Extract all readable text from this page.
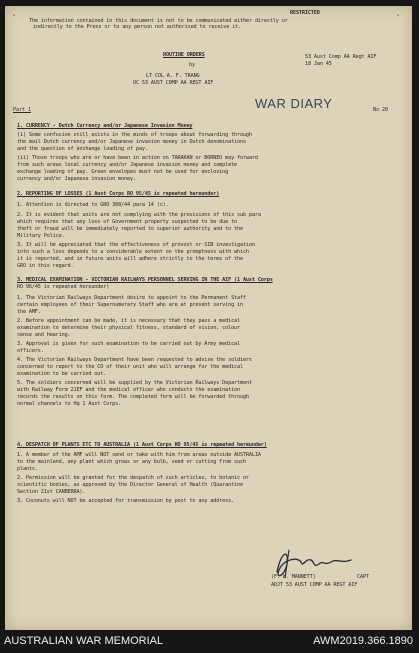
RESTRICTED
The information contained in this document is not to be communicated either directly or
indirectly to the Press or to any person not authorised to receive it.
ROUTINE ORDERS
by
LT COL A. F. TRANG
OC 53 AUST COMP AA REGT AIF
53 Aust Comp AA Regt AIF
18 Jan 45
WAR DIARY
Part 1	No 20
1. CURRENCY - Dutch Currency and/or Japanese Invasion Money
(i) Some confusion still exists in the minds of troops about forwarding through
the mail Dutch currency and/or Japanese invasion money in Dutch denominations
and the question of exchange loading of pay.
(ii) Those troops who are or have been in action on TARAKAN or BORNEO may forward
from such areas local currency and/or Japanese invasion money and complete
exchange loading of pay. Green envelopes must not be used for enclosing
currency and/or Japanese invasion money.
2. REPORTING OF LOSSES (1 Aust Corps RO 95/45 is repeated hereunder)
1. Attention is directed to GRO 368/44 para 14 (c).
2. It is evident that units are not complying with the provisions of this sub para
which requires that any loss of Government property suspected to be due to
theft or fraud will be immediately reported to superior authority and to the
Military Police.
3. It will be appreciated that the effectiveness of provost or SIB investigation
into such a loss depends to a considerable extent on the promptness with which
it is reported, and in future units will adhere strictly to the terms of the
GRO in this regard.
3. MEDICAL EXAMINATION - VICTORIAN RAILWAYS PERSONNEL SERVING IN THE AIF (1 Aust Corps
RO 96/45 is repeated hereunder)
1. The Victorian Railways Department desire to appoint to the Permanent Staff
certain employees of their Supernumerary Staff who are at present serving in
the AMF.
2. Before appointment can be made, it is necessary that they pass a medical
examination to determine their physical fitness, standard of vision, colour
sense and hearing.
3. Approval is given for such examination to be carried out by Army medical
officers.
4. The Victorian Railways Department have been requested to advise the soldiers
concerned to report to the CO of their unit who will arrange for the medical
examination to be carried out.
5. The soldiers concerned will be supplied by the Victorian Railways Department
with Railway Form 21EF and the medical officer who conducts the examination
records the results on this form. The completed form will be forwarded through
normal channels to Hq 1 Aust Corps.
4. DESPATCH OF PLANTS ETC TO AUSTRALIA (1 Aust Corps RO 95/45 is repeated hereunder)
1. A member of the AMF will NOT send or take with him from areas outside AUSTRALIA
to the mainland, any plant which grows or any bulb, seed or cutting from such
plants.
2. Permission will be granted for the despatch of such articles, to botanic or
scientific bodies, as approved by the Director General of Health (Quarantine
Section 21st CANBERRA).
3. Coconuts will NOT be accepted for transmission by post to any address.
(F. W. MANNETT)	CAPT
ADJT 53 AUST COMP AA REGT AIF
AUSTRALIAN WAR MEMORIAL	AWM2019.366.1890
